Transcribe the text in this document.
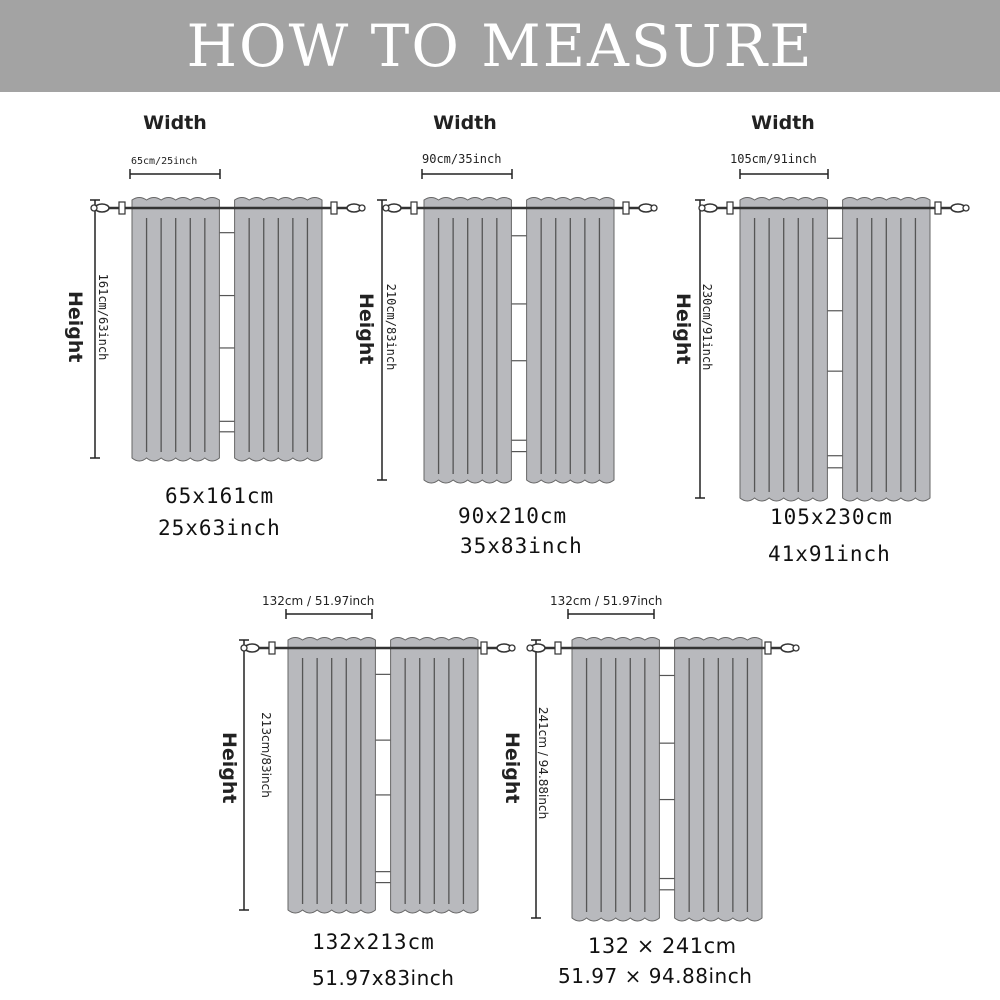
HOW TO MEASURE
Width
65cm/25inch
Height 161cm/63inch
65x161cm
25x63inch
Width
90cm/35inch
Height 210cm/83inch
90x210cm
35x83inch
Width
105cm/91inch
Height 230cm/91inch
105x230cm
41x91inch
132cm / 51.97inch
Height 213cm/83inch
132x213cm
51.97x83inch
132cm / 51.97inch
Height 241cm / 94.88inch
132 ⨯ 241cm
51.97 ⨯ 94.88inch
